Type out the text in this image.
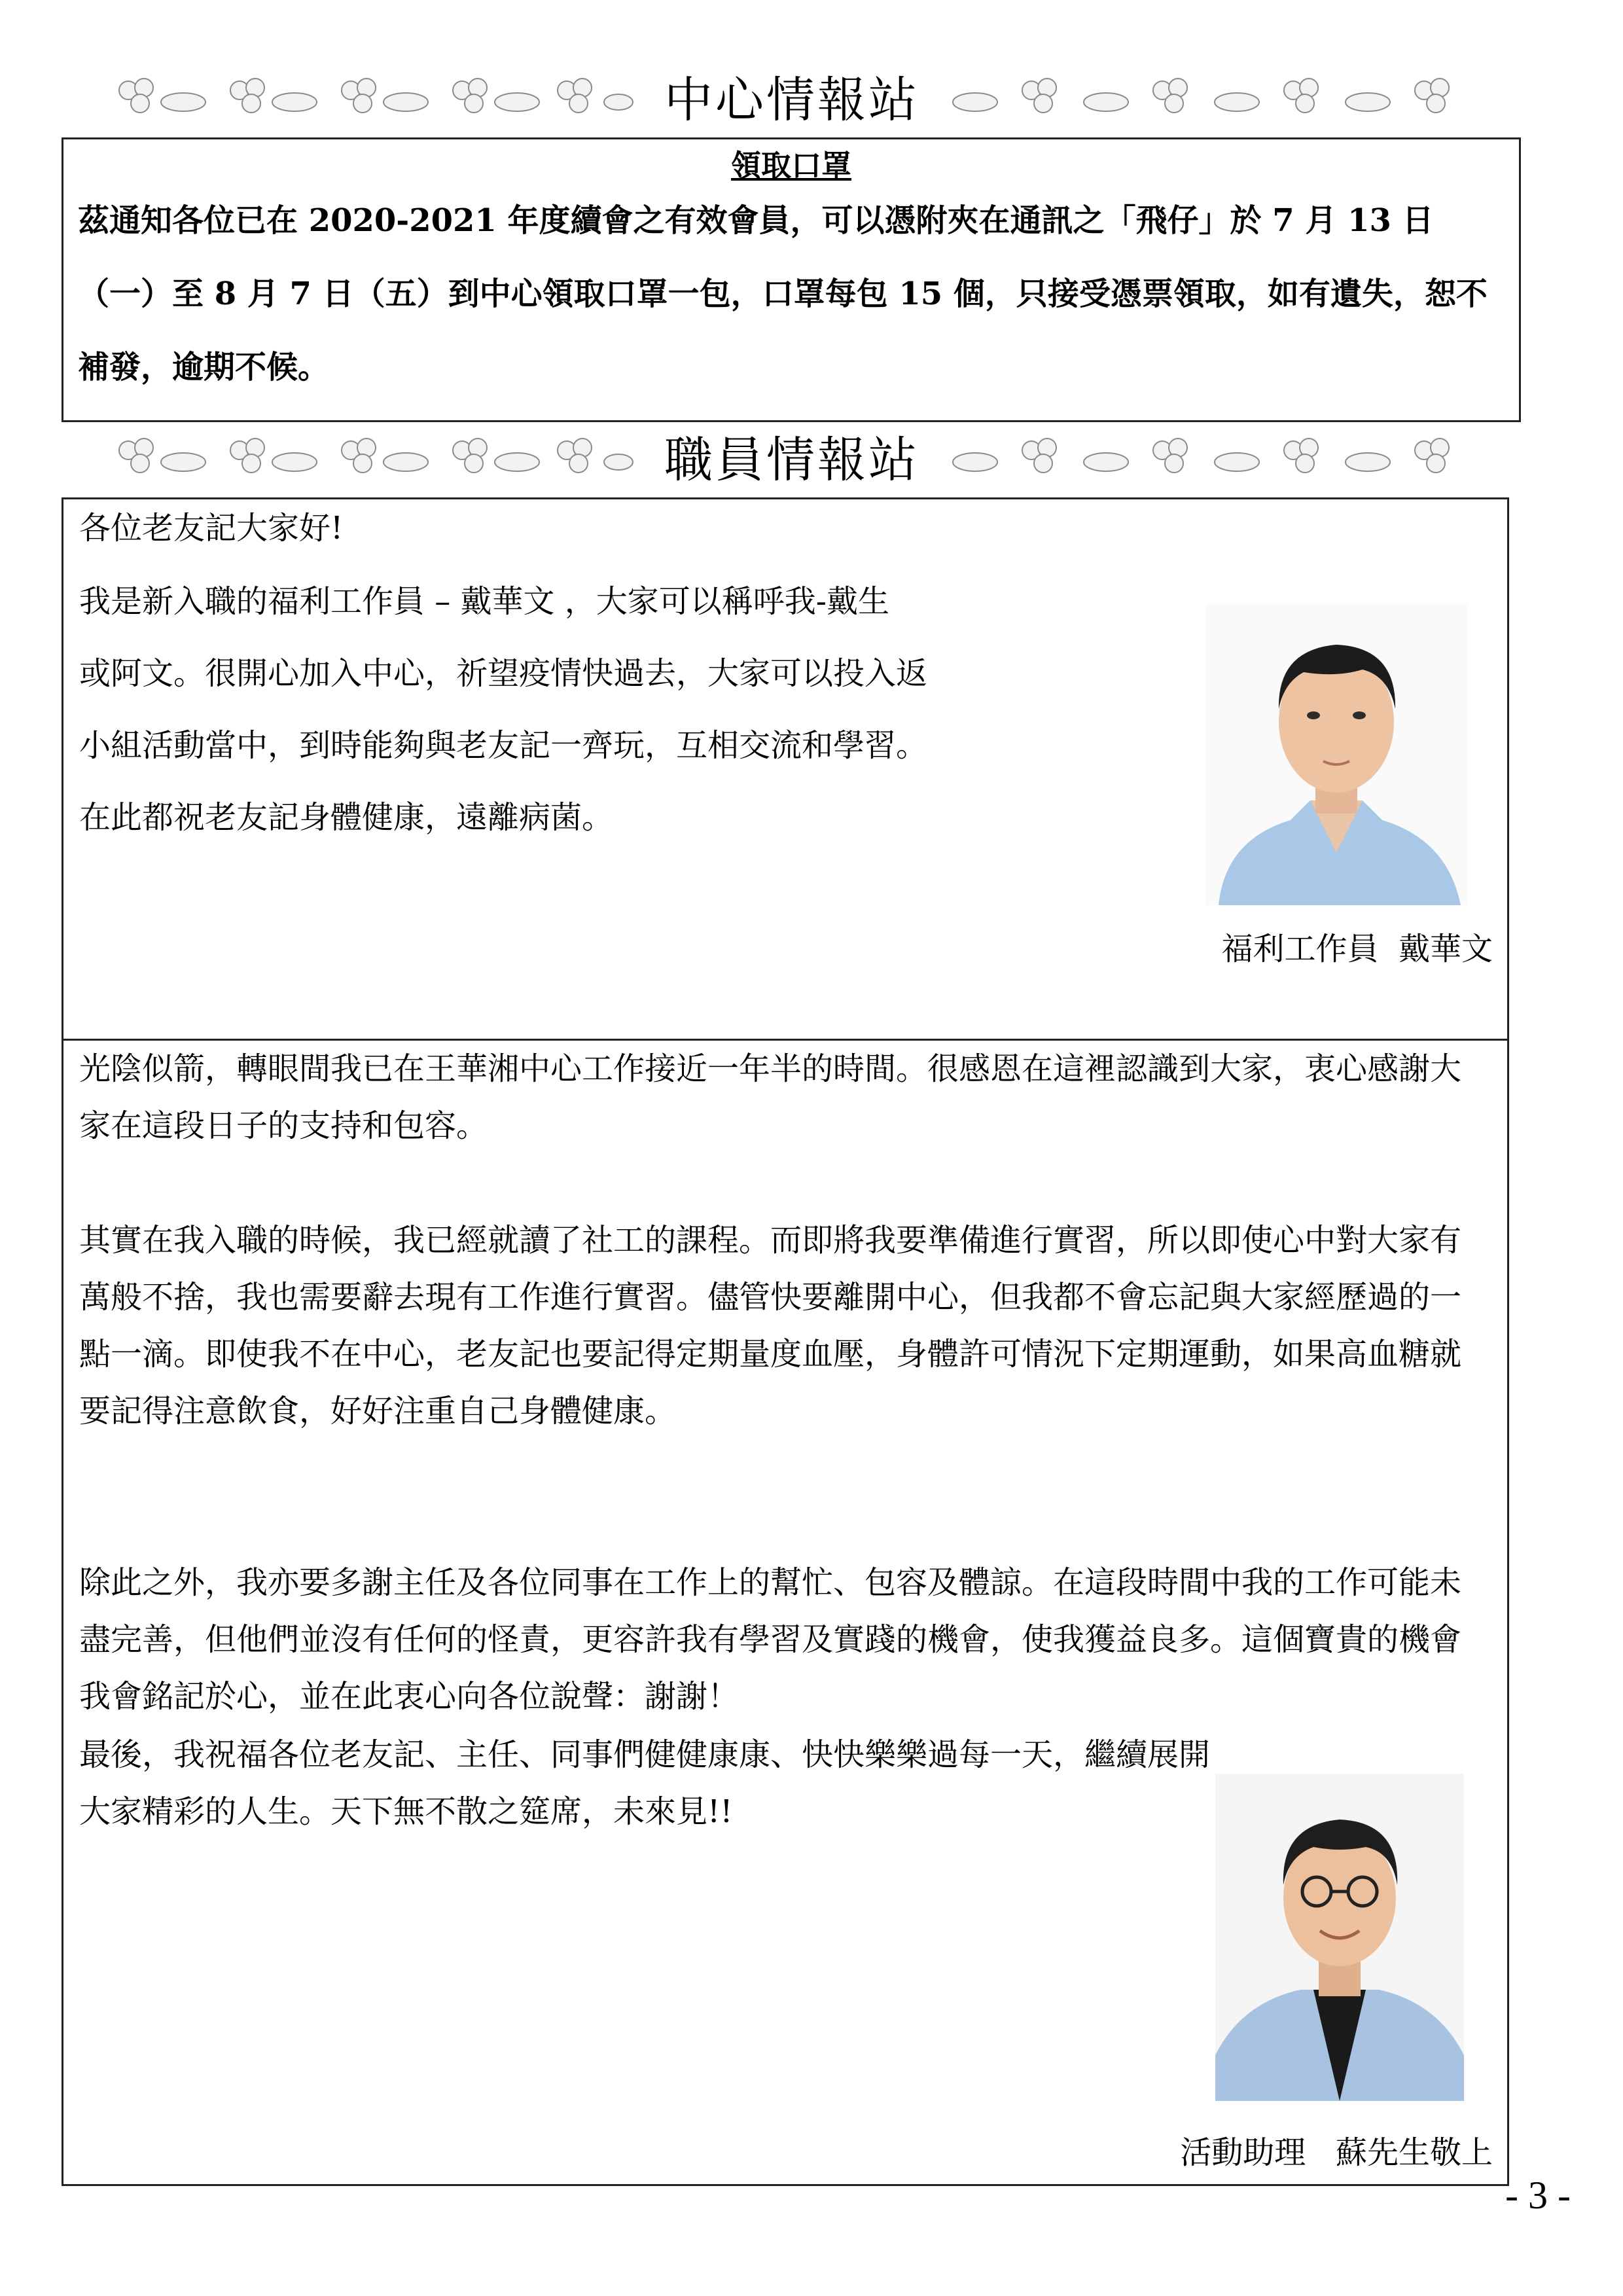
中心情報站
領取口罩
茲通知各位已在 2020-2021 年度續會之有效會員，可以憑附夾在通訊之「飛仔」於 7 月 13 日（一）至 8 月 7 日（五）到中心領取口罩一包，口罩每包 15 個，只接受憑票領取，如有遺失，恕不補發，逾期不候。
職員情報站
各位老友記大家好!
我是新入職的福利工作員 – 戴華文 ，大家可以稱呼我-戴生
或阿文。很開心加入中心，祈望疫情快過去，大家可以投入返
小組活動當中，到時能夠與老友記一齊玩，互相交流和學習。
在此都祝老友記身體健康，遠離病菌。
福利工作員  戴華文
光陰似箭，轉眼間我已在王華湘中心工作接近一年半的時間。很感恩在這裡認識到大家，衷心感謝大家在這段日子的支持和包容。
其實在我入職的時候，我已經就讀了社工的課程。而即將我要準備進行實習，所以即使心中對大家有萬般不捨，我也需要辭去現有工作進行實習。儘管快要離開中心，但我都不會忘記與大家經歷過的一點一滴。即使我不在中心，老友記也要記得定期量度血壓，身體許可情況下定期運動，如果高血糖就要記得注意飲食，好好注重自己身體健康。
除此之外，我亦要多謝主任及各位同事在工作上的幫忙、包容及體諒。在這段時間中我的工作可能未盡完善，但他們並沒有任何的怪責，更容許我有學習及實踐的機會，使我獲益良多。這個寶貴的機會我會銘記於心，並在此衷心向各位說聲：謝謝！
最後，我祝福各位老友記、主任、同事們健健康康、快快樂樂過每一天，繼續展開大家精彩的人生。天下無不散之筵席，未來見!!
活動助理   蘇先生敬上
- 3 -
